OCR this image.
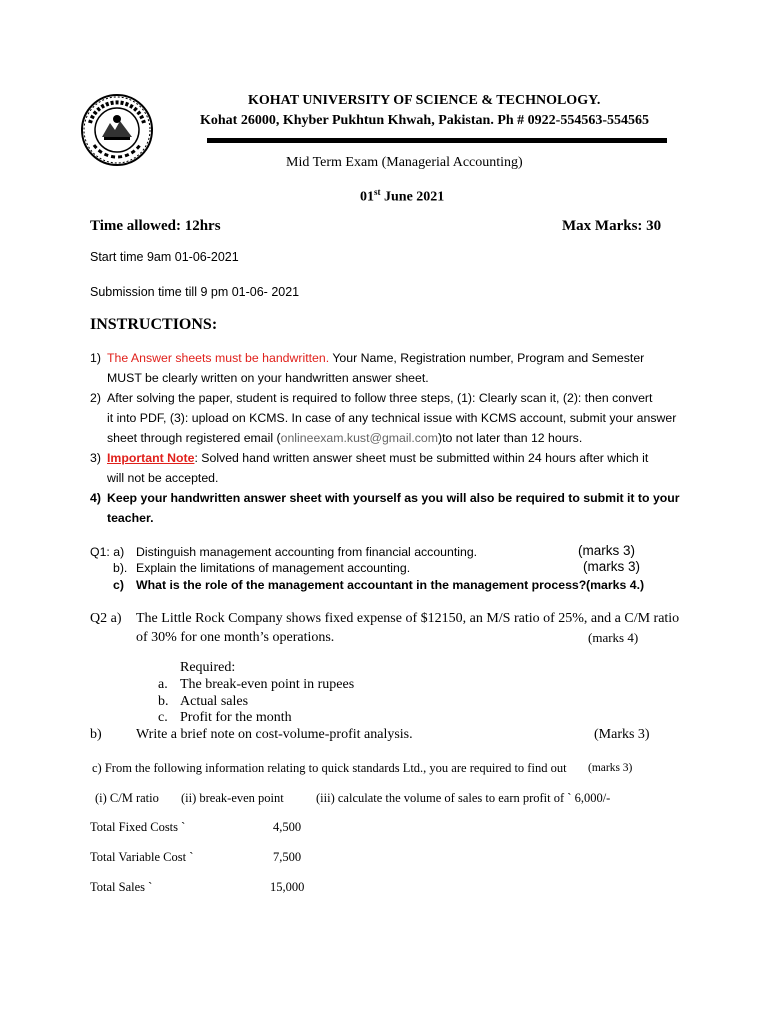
KOHAT UNIVERSITY OF SCIENCE & TECHNOLOGY.
Kohat 26000, Khyber Pukhtun Khwah, Pakistan. Ph # 0922-554563-554565
Mid Term Exam (Managerial Accounting)
01st June 2021
Time allowed: 12hrs	Max Marks: 30
Start time 9am 01-06-2021
Submission time till 9 pm 01-06- 2021
INSTRUCTIONS:
1) The Answer sheets must be handwritten. Your Name, Registration number, Program and Semester
MUST be clearly written on your handwritten answer sheet.
2) After solving the paper, student is required to follow three steps, (1): Clearly scan it, (2): then convert
it into PDF, (3): upload on KCMS. In case of any technical issue with KCMS account, submit your answer
sheet through registered email (onlineexam.kust@gmail.com)to not later than 12 hours.
3) Important Note: Solved hand written answer sheet must be submitted within 24 hours after which it
will not be accepted.
4) Keep your handwritten answer sheet with yourself as you will also be required to submit it to your
teacher.
Q1: a) Distinguish management accounting from financial accounting.	(marks 3)
b). Explain the limitations of management accounting.	(marks 3)
c) What is the role of the management accountant in the management process? (marks 4.)
Q2 a) The Little Rock Company shows fixed expense of $12150, an M/S ratio of 25%, and a C/M ratio
of 30% for one month’s operations.	(marks 4)
Required:
a. The break-even point in rupees
b. Actual sales
c. Profit for the month
b) Write a brief note on cost-volume-profit analysis.	(Marks 3)
c) From the following information relating to quick standards Ltd., you are required to find out (marks 3)
(i) C/M ratio (ii) break-even point	(iii) calculate the volume of sales to earn profit of ` 6,000/-
Total Fixed Costs `	4,500
Total Variable Cost `	7,500
Total Sales `	15,000
